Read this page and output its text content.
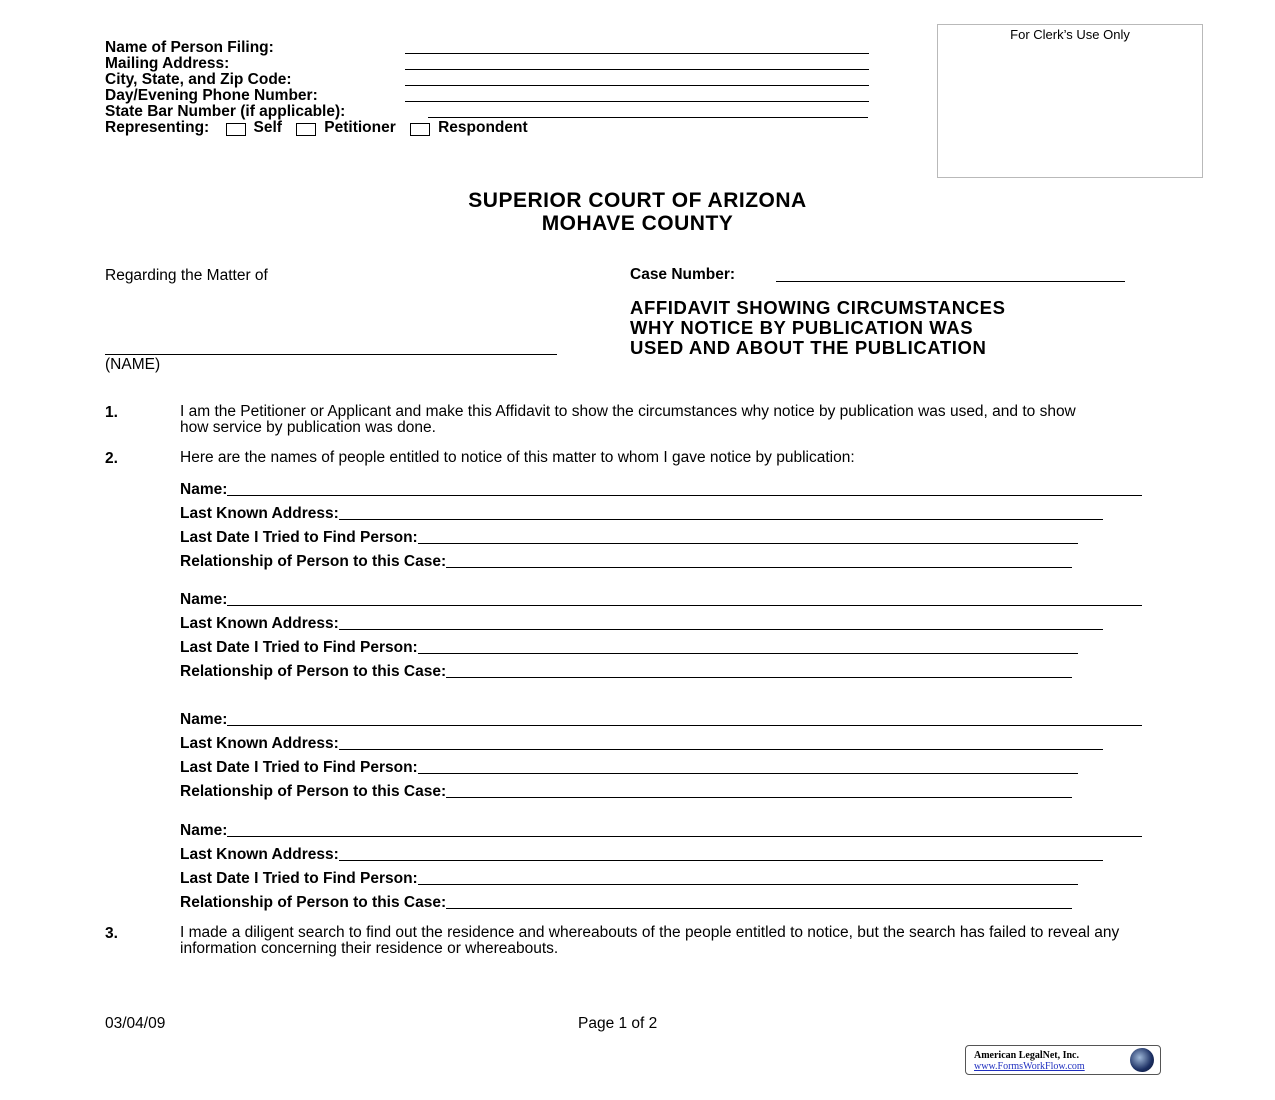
Name of Person Filing:
Mailing Address:
City, State, and Zip Code:
Day/Evening Phone Number:
State Bar Number (if applicable):
Representing:	Self	Petitioner	Respondent
For Clerk’s Use Only
SUPERIOR COURT OF ARIZONA
MOHAVE COUNTY
Regarding the Matter of
(NAME)
Case Number:
AFFIDAVIT SHOWING CIRCUMSTANCES
WHY NOTICE BY PUBLICATION WAS
USED AND ABOUT THE PUBLICATION
1.	I am the Petitioner or Applicant and make this Affidavit to show the circumstances why notice by publication was used, and to show how service by publication was done.
2.	Here are the names of people entitled to notice of this matter to whom I gave notice by publication:
Name:
Last Known Address:
Last Date I Tried to Find Person:
Relationship of Person to this Case:
Name:
Last Known Address:
Last Date I Tried to Find Person:
Relationship of Person to this Case:
Name:
Last Known Address:
Last Date I Tried to Find Person:
Relationship of Person to this Case:
Name:
Last Known Address:
Last Date I Tried to Find Person:
Relationship of Person to this Case:
3.	I made a diligent search to find out the residence and whereabouts of the people entitled to notice, but the search has failed to reveal any information concerning their residence or whereabouts.
03/04/09	Page 1 of 2
American LegalNet, Inc.
www.FormsWorkFlow.com
